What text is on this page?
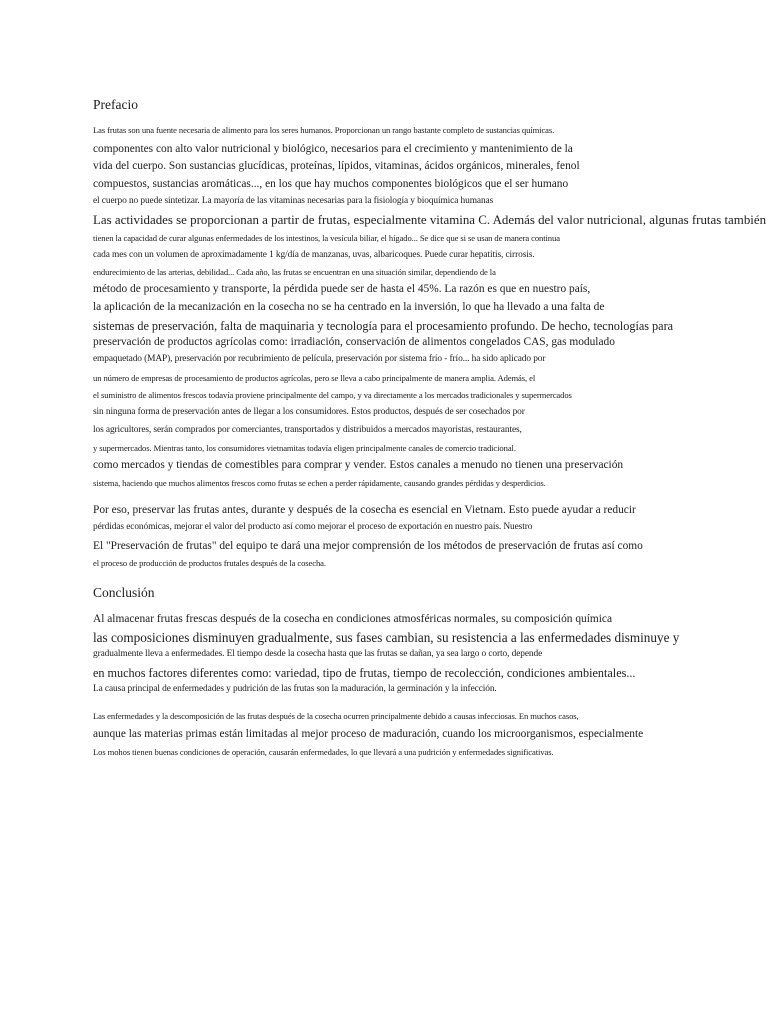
Prefacio
Las frutas son una fuente necesaria de alimento para los seres humanos. Proporcionan un rango bastante completo de sustancias químicas.
componentes con alto valor nutricional y biológico, necesarios para el crecimiento y mantenimiento de la
vida del cuerpo. Son sustancias glucídicas, proteínas, lípidos, vitaminas, ácidos orgánicos, minerales, fenol
compuestos, sustancias aromáticas..., en los que hay muchos componentes biológicos que el ser humano
el cuerpo no puede sintetizar. La mayoría de las vitaminas necesarias para la fisiología y bioquímica humanas
Las actividades se proporcionan a partir de frutas, especialmente vitamina C. Además del valor nutricional, algunas frutas también
tienen la capacidad de curar algunas enfermedades de los intestinos, la vesícula biliar, el hígado... Se dice que si se usan de manera continua
cada mes con un volumen de aproximadamente 1 kg/día de manzanas, uvas, albaricoques. Puede curar hepatitis, cirrosis.
endurecimiento de las arterias, debilidad... Cada año, las frutas se encuentran en una situación similar, dependiendo de la
método de procesamiento y transporte, la pérdida puede ser de hasta el 45%. La razón es que en nuestro país,
la aplicación de la mecanización en la cosecha no se ha centrado en la inversión, lo que ha llevado a una falta de
sistemas de preservación, falta de maquinaria y tecnología para el procesamiento profundo. De hecho, tecnologías para
preservación de productos agrícolas como: irradiación, conservación de alimentos congelados CAS, gas modulado
empaquetado (MAP), preservación por recubrimiento de película, preservación por sistema frío - frío... ha sido aplicado por
un número de empresas de procesamiento de productos agrícolas, pero se lleva a cabo principalmente de manera amplia. Además, el
el suministro de alimentos frescos todavía proviene principalmente del campo, y va directamente a los mercados tradicionales y supermercados
sin ninguna forma de preservación antes de llegar a los consumidores. Estos productos, después de ser cosechados por
los agricultores, serán comprados por comerciantes, transportados y distribuidos a mercados mayoristas, restaurantes,
y supermercados. Mientras tanto, los consumidores vietnamitas todavía eligen principalmente canales de comercio tradicional.
como mercados y tiendas de comestibles para comprar y vender. Estos canales a menudo no tienen una preservación
sistema, haciendo que muchos alimentos frescos como frutas se echen a perder rápidamente, causando grandes pérdidas y desperdicios.
Por eso, preservar las frutas antes, durante y después de la cosecha es esencial en Vietnam. Esto puede ayudar a reducir
pérdidas económicas, mejorar el valor del producto así como mejorar el proceso de exportación en nuestro país. Nuestro
El "Preservación de frutas" del equipo te dará una mejor comprensión de los métodos de preservación de frutas así como
el proceso de producción de productos frutales después de la cosecha.
Conclusión
Al almacenar frutas frescas después de la cosecha en condiciones atmosféricas normales, su composición química
las composiciones disminuyen gradualmente, sus fases cambian, su resistencia a las enfermedades disminuye y
gradualmente lleva a enfermedades. El tiempo desde la cosecha hasta que las frutas se dañan, ya sea largo o corto, depende
en muchos factores diferentes como: variedad, tipo de frutas, tiempo de recolección, condiciones ambientales...
La causa principal de enfermedades y pudrición de las frutas son la maduración, la germinación y la infección.
Las enfermedades y la descomposición de las frutas después de la cosecha ocurren principalmente debido a causas infecciosas. En muchos casos,
aunque las materias primas están limitadas al mejor proceso de maduración, cuando los microorganismos, especialmente
Los mohos tienen buenas condiciones de operación, causarán enfermedades, lo que llevará a una pudrición y enfermedades significativas.
